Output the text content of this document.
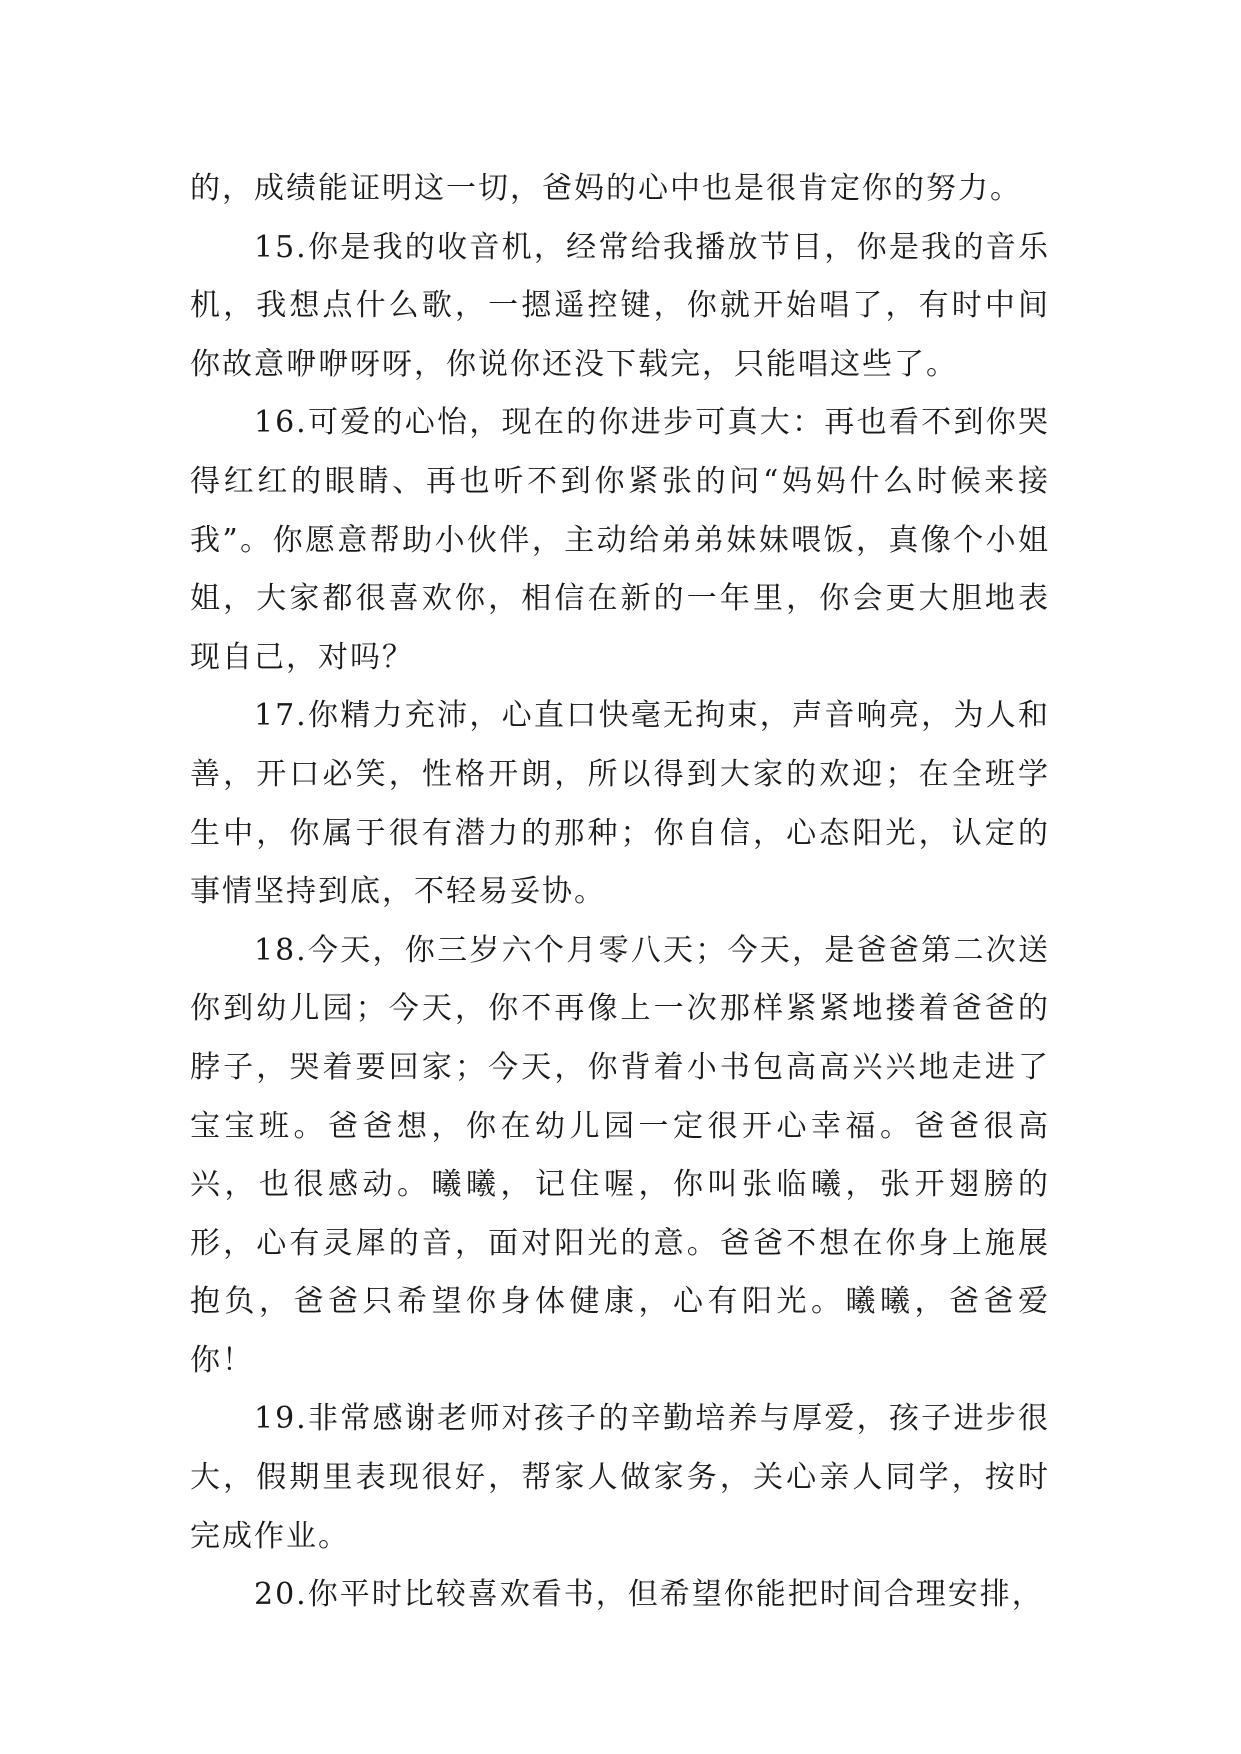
的，成绩能证明这一切，爸妈的心中也是很肯定你的努力。

15.你是我的收音机，经常给我播放节目，你是我的音乐机，我想点什么歌，一摁遥控键，你就开始唱了，有时中间你故意咿咿呀呀，你说你还没下载完，只能唱这些了。

16.可爱的心怡，现在的你进步可真大：再也看不到你哭得红红的眼睛、再也听不到你紧张的问“妈妈什么时候来接我”。你愿意帮助小伙伴，主动给弟弟妹妹喂饭，真像个小姐姐，大家都很喜欢你，相信在新的一年里，你会更大胆地表现自己，对吗？

17.你精力充沛，心直口快毫无拘束，声音响亮，为人和善，开口必笑，性格开朗，所以得到大家的欢迎；在全班学生中，你属于很有潜力的那种；你自信，心态阳光，认定的事情坚持到底，不轻易妥协。

18.今天，你三岁六个月零八天；今天，是爸爸第二次送你到幼儿园；今天，你不再像上一次那样紧紧地搂着爸爸的脖子，哭着要回家；今天，你背着小书包高高兴兴地走进了宝宝班。爸爸想，你在幼儿园一定很开心幸福。爸爸很高兴，也很感动。曦曦，记住喔，你叫张临曦，张开翅膀的形，心有灵犀的音，面对阳光的意。爸爸不想在你身上施展抱负，爸爸只希望你身体健康，心有阳光。曦曦，爸爸爱你！

19.非常感谢老师对孩子的辛勤培养与厚爱，孩子进步很大，假期里表现很好，帮家人做家务，关心亲人同学，按时完成作业。

20.你平时比较喜欢看书，但希望你能把时间合理安排，
